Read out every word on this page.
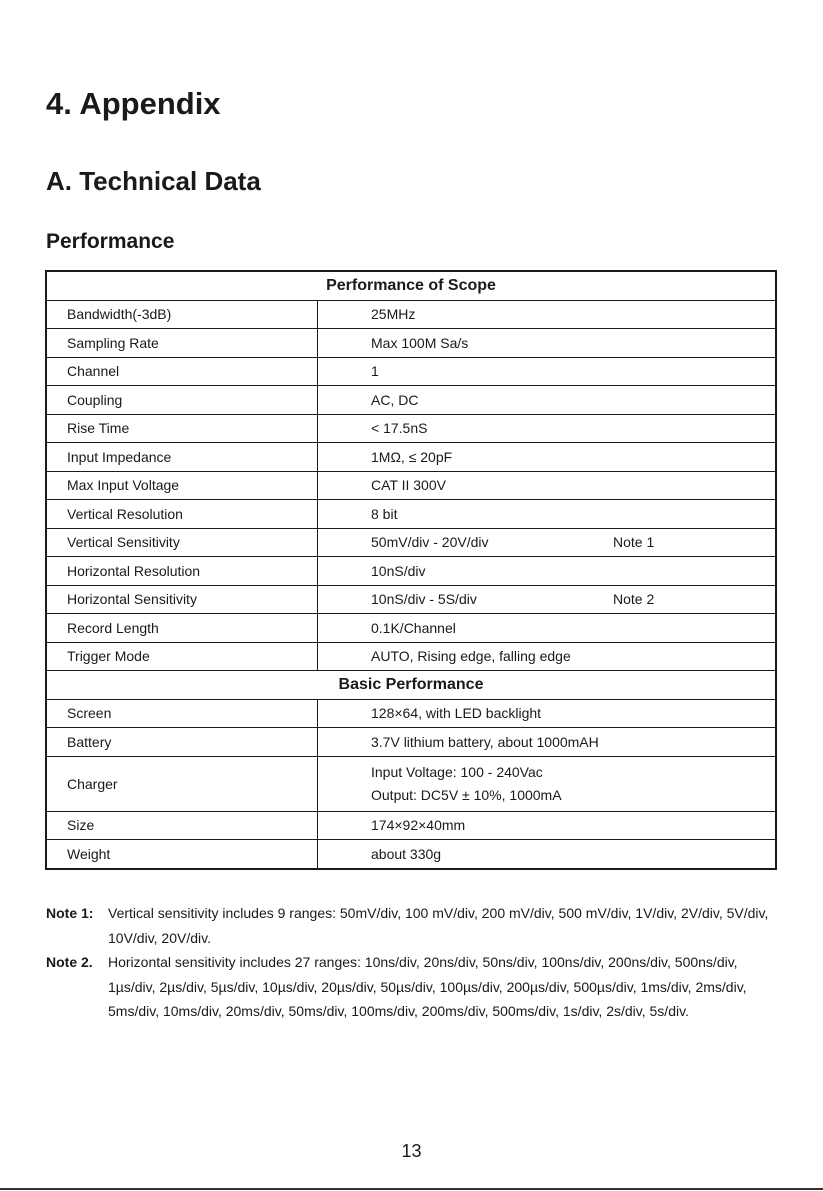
4. Appendix
A. Technical Data
Performance
Performance of Scope	
Bandwidth(-3dB)	25MHz

Sampling Rate	Max 100M Sa/s

Channel	1

Coupling	AC, DC

Rise Time	< 17.5nS

Input Impedance	1MΩ, ≤ 20pF

Max Input Voltage	CAT II 300V

Vertical Resolution	8 bit

Vertical Sensitivity	50mV/div - 20V/div Note 1

Horizontal Resolution	10nS/div

Horizontal Sensitivity	10nS/div - 5S/div Note 2

Record Length	0.1K/Channel

Trigger Mode	AUTO, Rising edge, falling edge

Basic Performance	
Screen	128×64, with LED backlight
Battery	3.7V lithium battery, about 1000mAH
Charger	Input Voltage: 100 - 240Vac
Output: DC5V ± 10%, 1000mA

Size	174×92×40mm
Weight	about 330g
Note 1:	Vertical sensitivity includes 9 ranges: 50mV/div, 100 mV/div, 200 mV/div, 500 mV/div, 1V/div, 2V/div, 5V/div, 10V/div, 20V/div.
Note 2.	Horizontal sensitivity includes 27 ranges: 10ns/div, 20ns/div, 50ns/div, 100ns/div, 200ns/div, 500ns/div, 1µs/div, 2µs/div, 5µs/div, 10µs/div, 20µs/div, 50µs/div, 100µs/div, 200µs/div, 500µs/div, 1ms/div, 2ms/div, 5ms/div, 10ms/div, 20ms/div, 50ms/div, 100ms/div, 200ms/div, 500ms/div, 1s/div, 2s/div, 5s/div.
13
